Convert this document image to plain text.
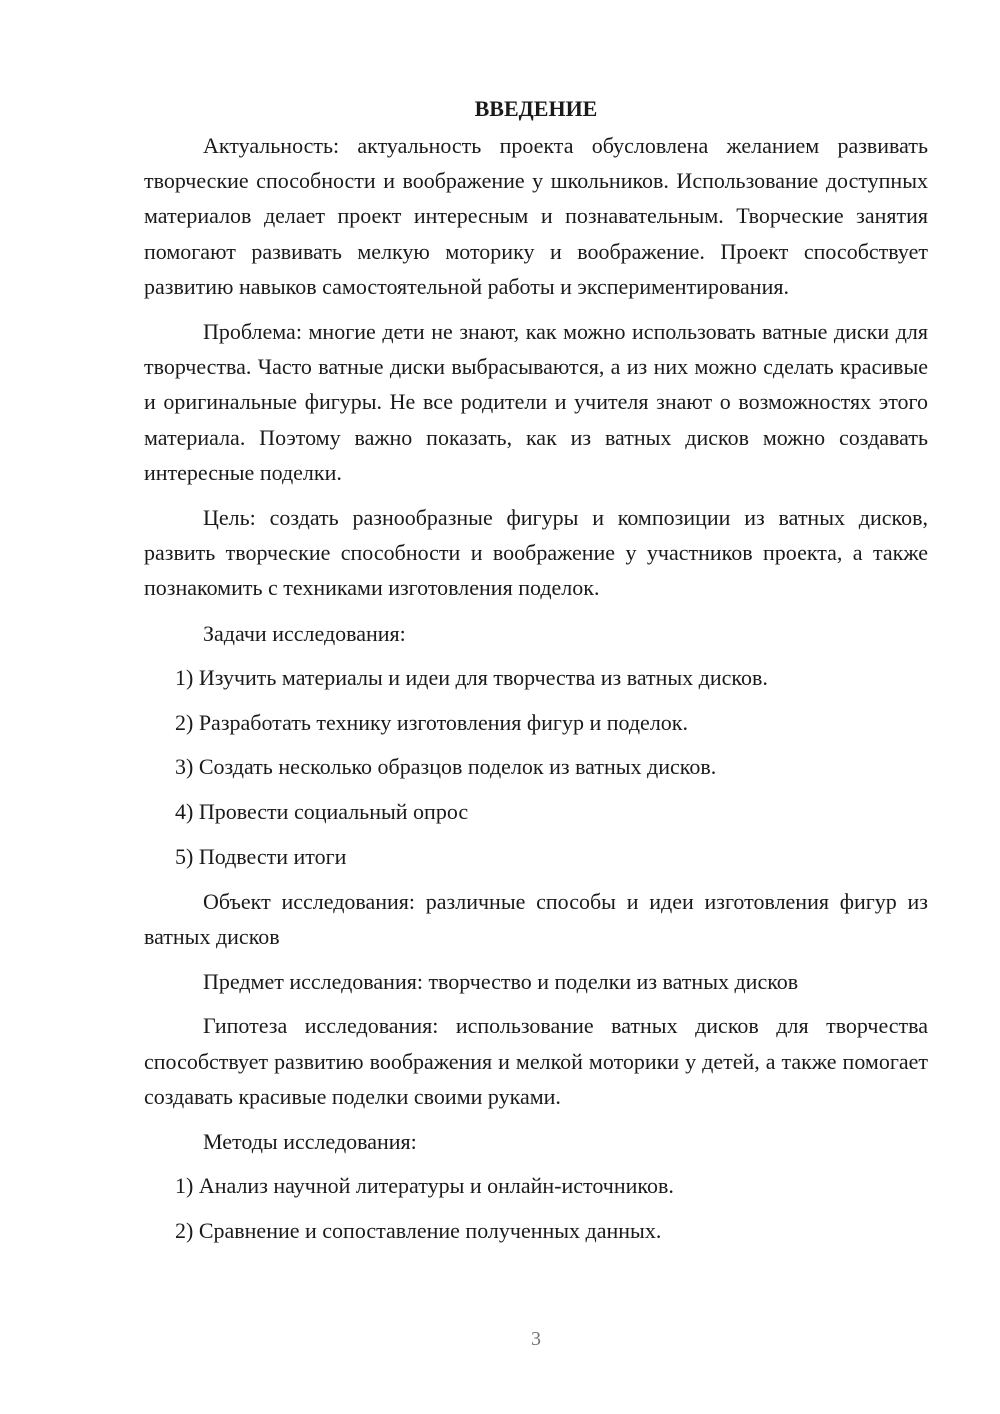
ВВЕДЕНИЕ

Актуальность: актуальность проекта обусловлена желанием развивать творческие способности и воображение у школьников. Использование доступных материалов делает проект интересным и познавательным. Творческие занятия помогают развивать мелкую моторику и воображение. Проект способствует развитию навыков самостоятельной работы и экспериментирования.

Проблема: многие дети не знают, как можно использовать ватные диски для творчества. Часто ватные диски выбрасываются, а из них можно сделать красивые и оригинальные фигуры. Не все родители и учителя знают о возможностях этого материала. Поэтому важно показать, как из ватных дисков можно создавать интересные поделки.

Цель: создать разнообразные фигуры и композиции из ватных дисков, развить творческие способности и воображение у участников проекта, а также познакомить с техниками изготовления поделок.

Задачи исследования:

1) Изучить материалы и идеи для творчества из ватных дисков.
2) Разработать технику изготовления фигур и поделок.
3) Создать несколько образцов поделок из ватных дисков.
4) Провести социальный опрос
5) Подвести итоги

Объект исследования: различные способы и идеи изготовления фигур из ватных дисков

Предмет исследования: творчество и поделки из ватных дисков

Гипотеза исследования: использование ватных дисков для творчества способствует развитию воображения и мелкой моторики у детей, а также помогает создавать красивые поделки своими руками.

Методы исследования:

1) Анализ научной литературы и онлайн-источников.
2) Сравнение и сопоставление полученных данных.
3
